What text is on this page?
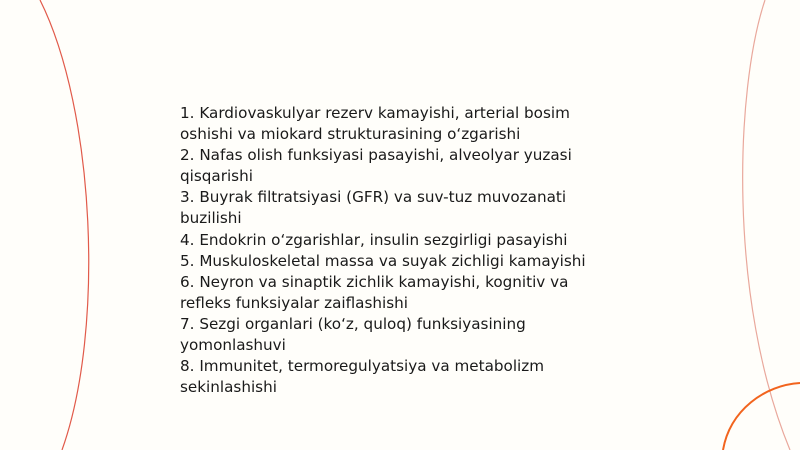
1. Kardiovaskulyar rezerv kamayishi, arterial bosim oshishi va miokard strukturasining o‘zgarishi
2. Nafas olish funksiyasi pasayishi, alveolyar yuzasi qisqarishi
3. Buyrak filtratsiyasi (GFR) va suv-tuz muvozanati buzilishi
4. Endokrin o‘zgarishlar, insulin sezgirligi pasayishi
5. Muskuloskeletal massa va suyak zichligi kamayishi
6. Neyron va sinaptik zichlik kamayishi, kognitiv va refleks funksiyalar zaiflashishi
7. Sezgi organlari (ko‘z, quloq) funksiyasining yomonlashuvi
8. Immunitet, termoregulyatsiya va metabolizm sekinlashishi
